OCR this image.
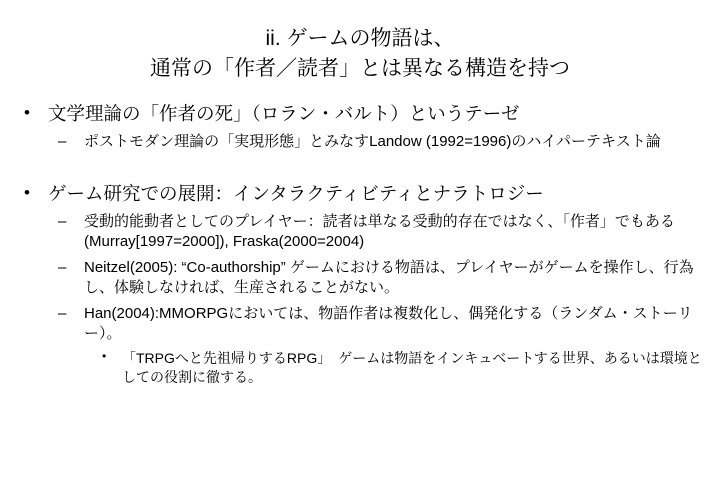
ii. ゲームの物語は、
通常の「作者／読者」とは異なる構造を持つ
• 文学理論の「作者の死」（ロラン・バルト）というテーゼ
– ポストモダン理論の「実現形態」とみなすLandow (1992=1996)のハイパーテキスト論
• ゲーム研究での展開：インタラクティビティとナラトロジー
– 受動的能動者としてのプレイヤー：読者は単なる受動的存在ではなく、「作者」でもある(Murray[1997=2000]), Fraska(2000=2004)
– Neitzel(2005): “Co-authorship” ゲームにおける物語は、プレイヤーがゲームを操作し、行為し、体験しなければ、生産されることがない。
– Han(2004):MMORPGにおいては、物語作者は複数化し、偶発化する（ランダム・ストーリー）。
• 「TRPGへと先祖帰りするRPG」　ゲームは物語をインキュベートする世界、あるいは環境としての役割に徹する。
